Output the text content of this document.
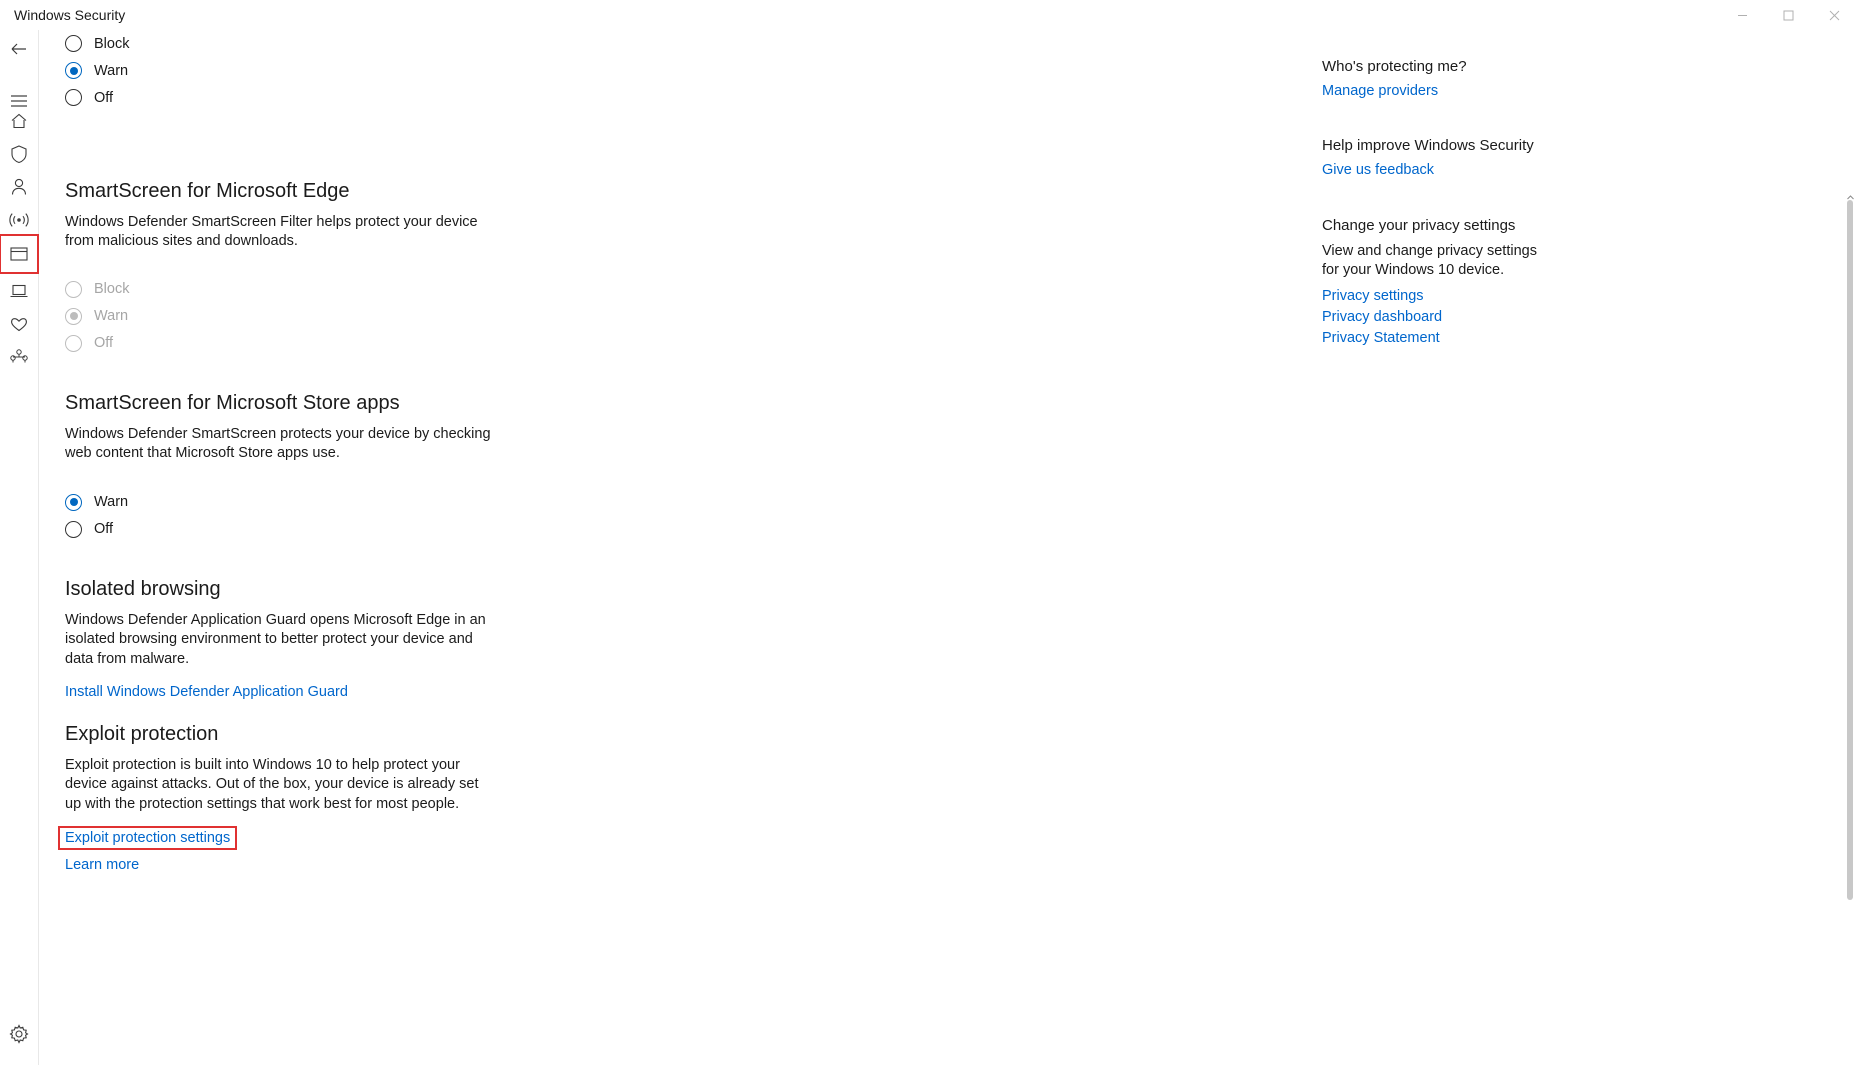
Windows Security
Block
Warn
Off
SmartScreen for Microsoft Edge

Windows Defender SmartScreen Filter helps protect your device from malicious sites and downloads.

Block
Warn
Off
SmartScreen for Microsoft Store apps

Windows Defender SmartScreen protects your device by checking web content that Microsoft Store apps use.

Warn
Off
Isolated browsing

Windows Defender Application Guard opens Microsoft Edge in an isolated browsing environment to better protect your device and data from malware.

Install Windows Defender Application Guard
Exploit protection

Exploit protection is built into Windows 10 to help protect your device against attacks. Out of the box, your device is already set up with the protection settings that work best for most people.

Exploit protection settings
Learn more
Who's protecting me?
Manage providers
Help improve Windows Security
Give us feedback
Change your privacy settings

View and change privacy settings for your Windows 10 device.

Privacy settings
Privacy dashboard
Privacy Statement
